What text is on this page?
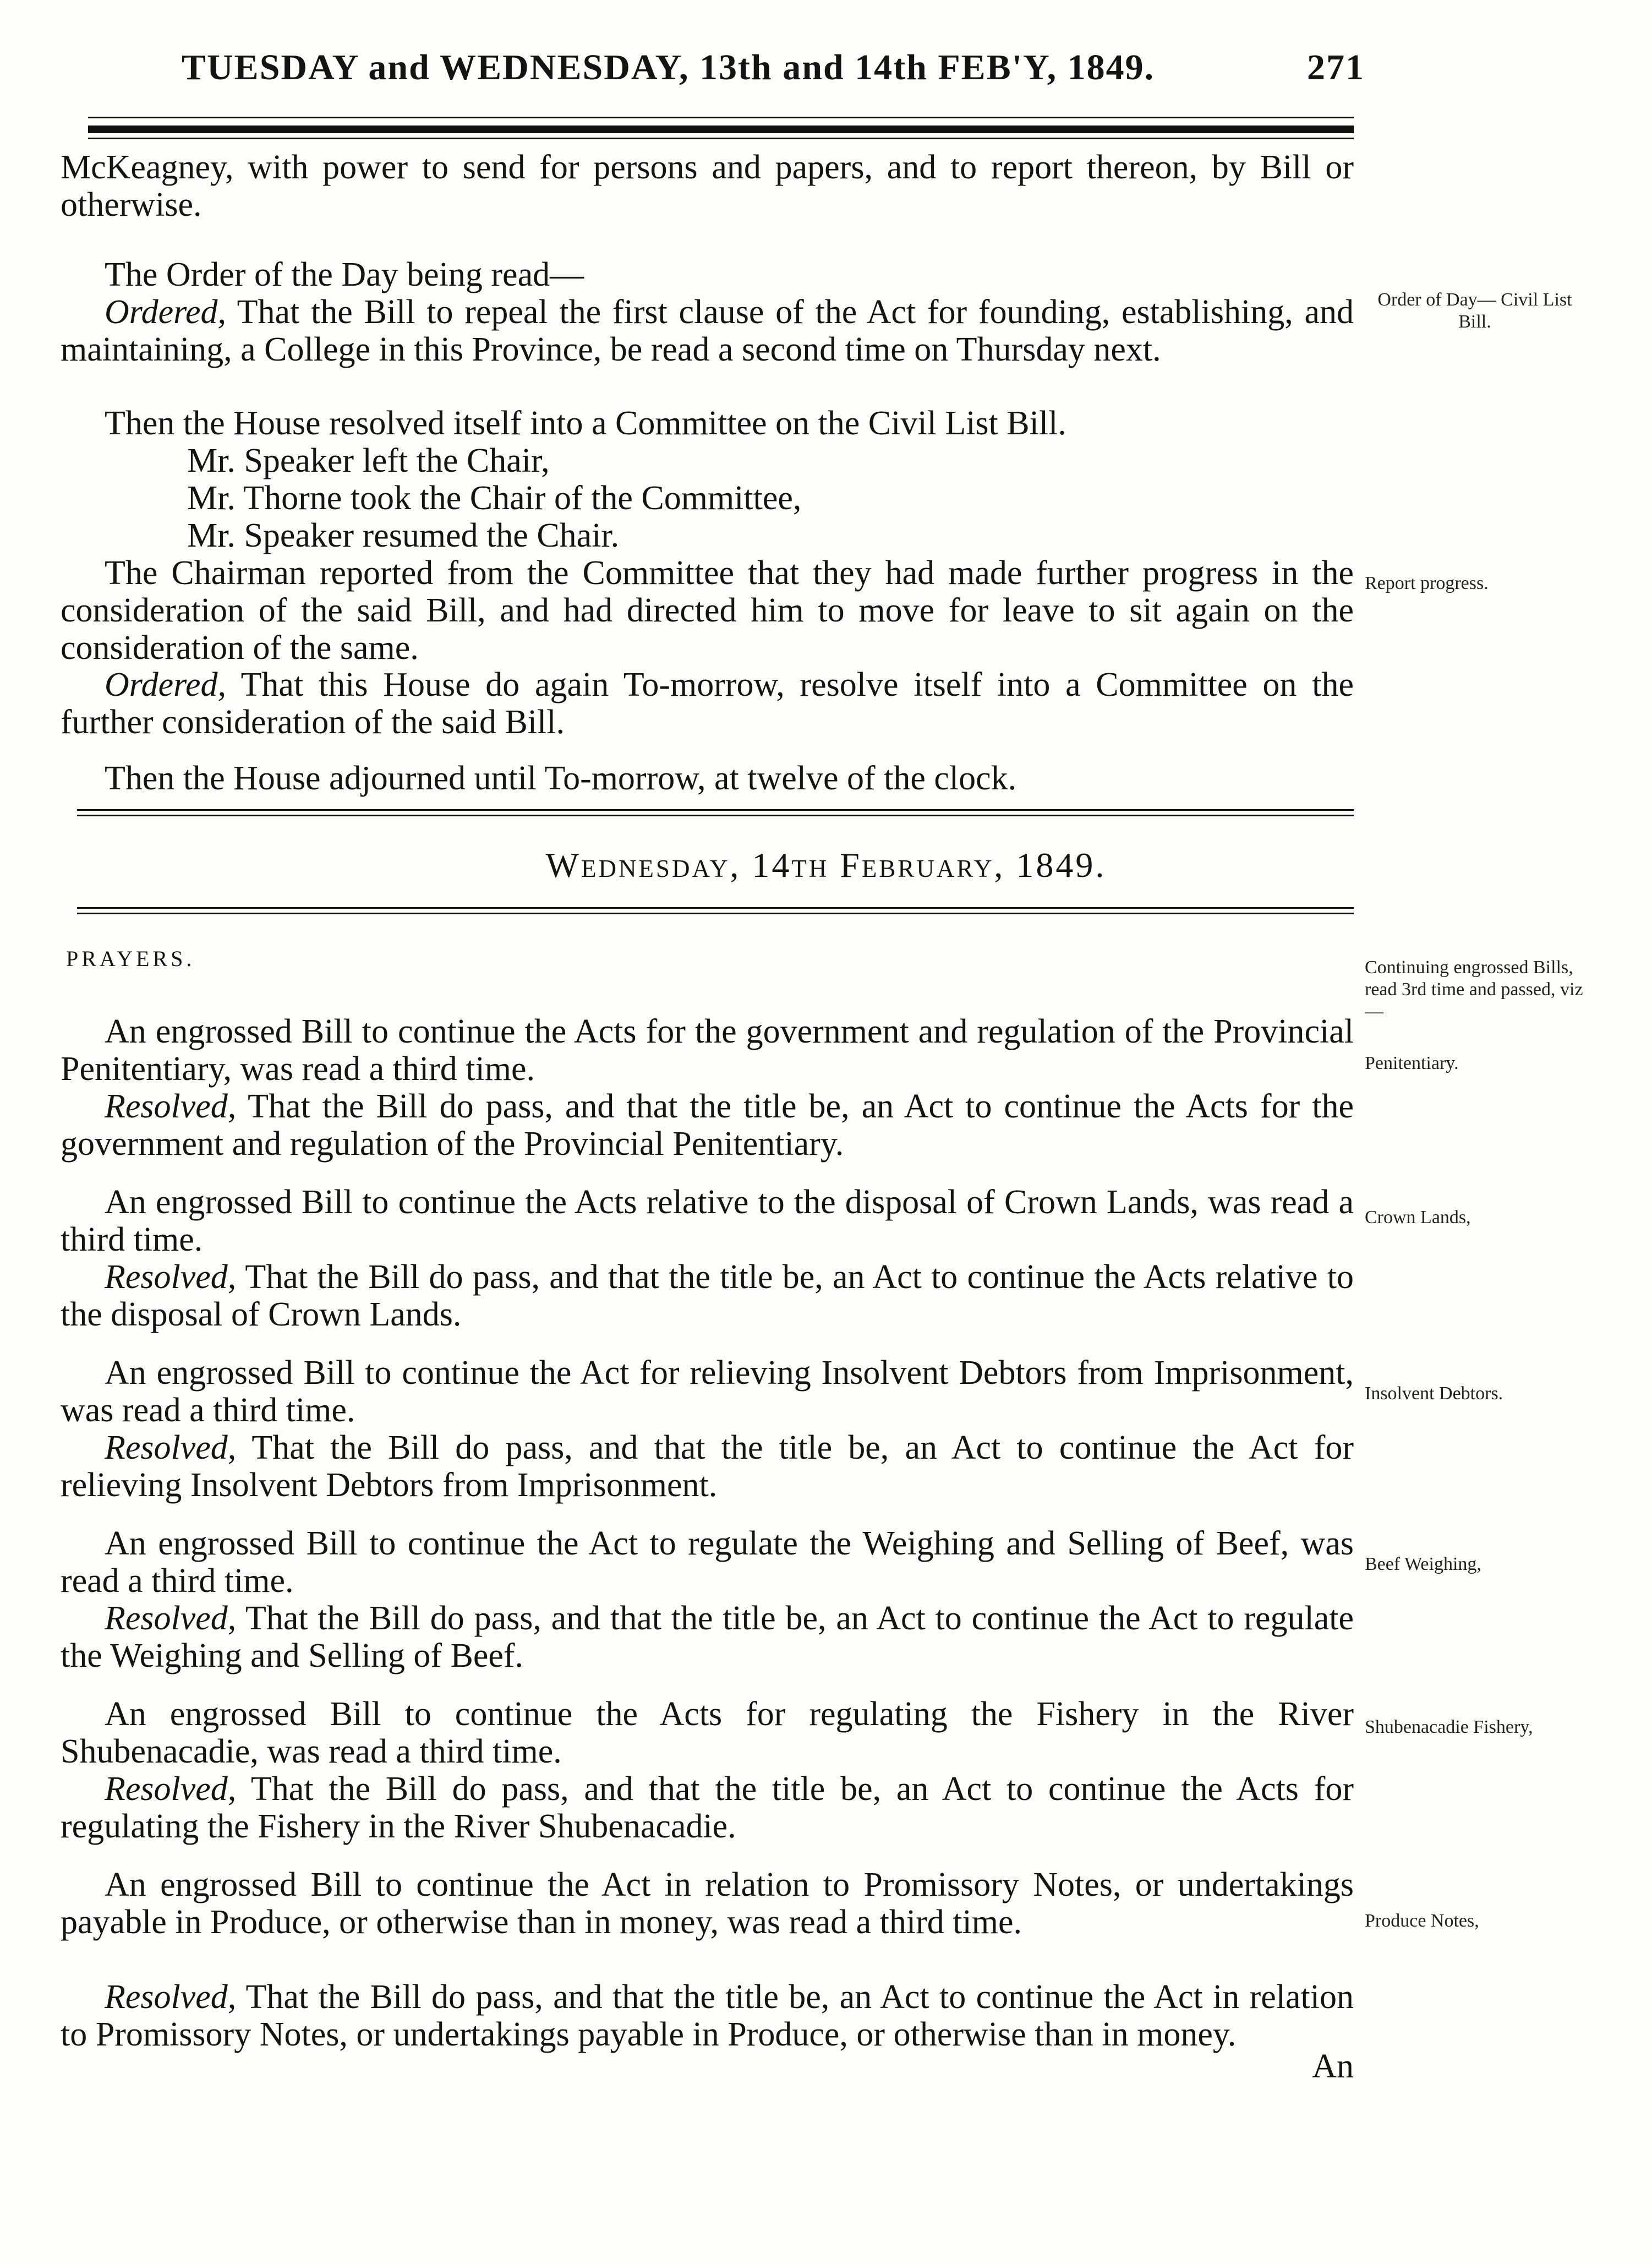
TUESDAY and WEDNESDAY, 13th and 14th FEB'Y, 1849.	271
McKeagney, with power to send for persons and papers, and to report thereon, by Bill or otherwise.
The Order of the Day being read—
Ordered, That the Bill to repeal the first clause of the Act for founding, establishing, and maintaining, a College in this Province, be read a second time on Thursday next.
Then the House resolved itself into a Committee on the Civil List Bill.
Mr. Speaker left the Chair,
Mr. Thorne took the Chair of the Committee,
Mr. Speaker resumed the Chair.
The Chairman reported from the Committee that they had made further progress in the consideration of the said Bill, and had directed him to move for leave to sit again on the consideration of the same.
Ordered, That this House do again To-morrow, resolve itself into a Committee on the further consideration of the said Bill.
Then the House adjourned until To-morrow, at twelve of the clock.
Wednesday, 14th February, 1849.
PRAYERS.
An engrossed Bill to continue the Acts for the government and regulation of the Provincial Penitentiary, was read a third time.
Resolved, That the Bill do pass, and that the title be, an Act to continue the Acts for the government and regulation of the Provincial Penitentiary.
An engrossed Bill to continue the Acts relative to the disposal of Crown Lands, was read a third time.
Resolved, That the Bill do pass, and that the title be, an Act to continue the Acts relative to the disposal of Crown Lands.
An engrossed Bill to continue the Act for relieving Insolvent Debtors from Imprisonment, was read a third time.
Resolved, That the Bill do pass, and that the title be, an Act to continue the Act for relieving Insolvent Debtors from Imprisonment.
An engrossed Bill to continue the Act to regulate the Weighing and Selling of Beef, was read a third time.
Resolved, That the Bill do pass, and that the title be, an Act to continue the Act to regulate the Weighing and Selling of Beef.
An engrossed Bill to continue the Acts for regulating the Fishery in the River Shubenacadie, was read a third time.
Resolved, That the Bill do pass, and that the title be, an Act to continue the Acts for regulating the Fishery in the River Shubenacadie.
An engrossed Bill to continue the Act in relation to Promissory Notes, or undertakings payable in Produce, or otherwise than in money, was read a third time.
Resolved, That the Bill do pass, and that the title be, an Act to continue the Act in relation to Promissory Notes, or undertakings payable in Produce, or otherwise than in money.
An
Order of Day— Civil List Bill.
Report progress.
Continuing engrossed Bills, read 3rd time and passed, viz—
Penitentiary.
Crown Lands,
Insolvent Debtors.
Beef Weighing,
Shubenacadie Fishery,
Produce Notes,
